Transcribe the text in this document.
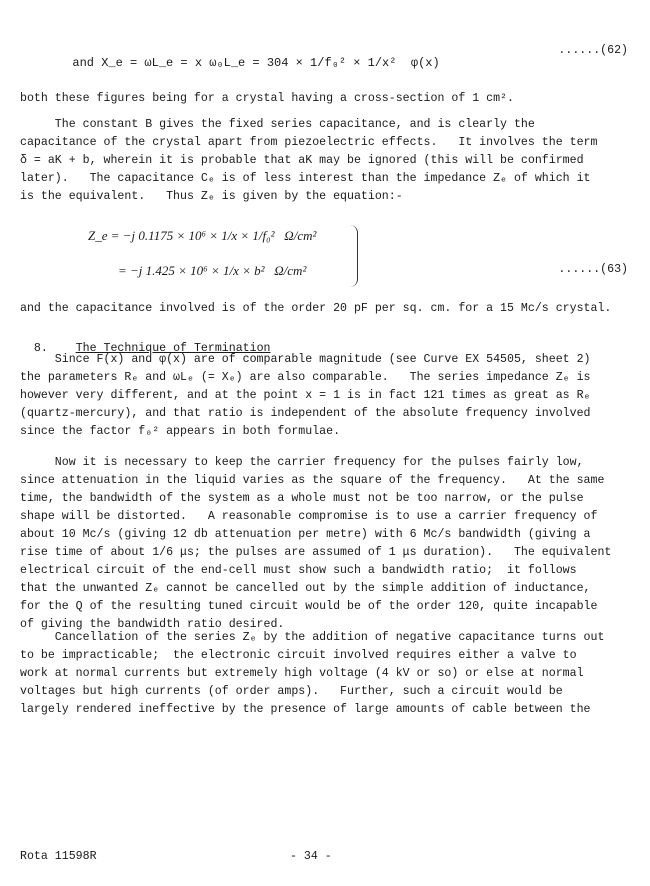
and X_e = ωL_e = x ω₀L_e = 304 × 1/f₀² × 1/x²  φ(x)

......(62)
both these figures being for a crystal having a cross-section of 1 cm².
The constant B gives the fixed series capacitance, and is clearly the
capacitance of the crystal apart from piezoelectric effects.   It involves the term
δ = aK + b, wherein it is probable that aK may be ignored (this will be confirmed
later).   The capacitance Cₑ is of less interest than the impedance Zₑ of which it
is the equivalent.   Thus Zₑ is given by the equation:-
Z_e = −j 0.1175 × 10⁶ × 1/x × 1/f₀²   Ω/cm²
= −j 1.425 × 10⁶ × 1/x × b²   Ω/cm²	......(63)
and the capacitance involved is of the order 20 pF per sq. cm. for a 15 Mc/s crystal.

8. The Technique of Termination

Since F(x) and φ(x) are of comparable magnitude (see Curve EX 54505, sheet 2)
the parameters Rₑ and ωLₑ (= Xₑ) are also comparable.   The series impedance Zₑ is
however very different, and at the point x = 1 is in fact 121 times as great as Rₑ
(quartz-mercury), and that ratio is independent of the absolute frequency involved
since the factor f₀² appears in both formulae.
Now it is necessary to keep the carrier frequency for the pulses fairly low,
since attenuation in the liquid varies as the square of the frequency.   At the same
time, the bandwidth of the system as a whole must not be too narrow, or the pulse
shape will be distorted.   A reasonable compromise is to use a carrier frequency of
about 10 Mc/s (giving 12 db attenuation per metre) with 6 Mc/s bandwidth (giving a
rise time of about 1/6 μs; the pulses are assumed of 1 μs duration).   The equivalent
electrical circuit of the end-cell must show such a bandwidth ratio;  it follows
that the unwanted Zₑ cannot be cancelled out by the simple addition of inductance,
for the Q of the resulting tuned circuit would be of the order 120, quite incapable
of giving the bandwidth ratio desired.
Cancellation of the series Zₑ by the addition of negative capacitance turns out
to be impracticable;  the electronic circuit involved requires either a valve to
work at normal currents but extremely high voltage (4 kV or so) or else at normal
voltages but high currents (of order amps).   Further, such a circuit would be
largely rendered ineffective by the presence of large amounts of cable between the
Rota 11598R	- 34 -
